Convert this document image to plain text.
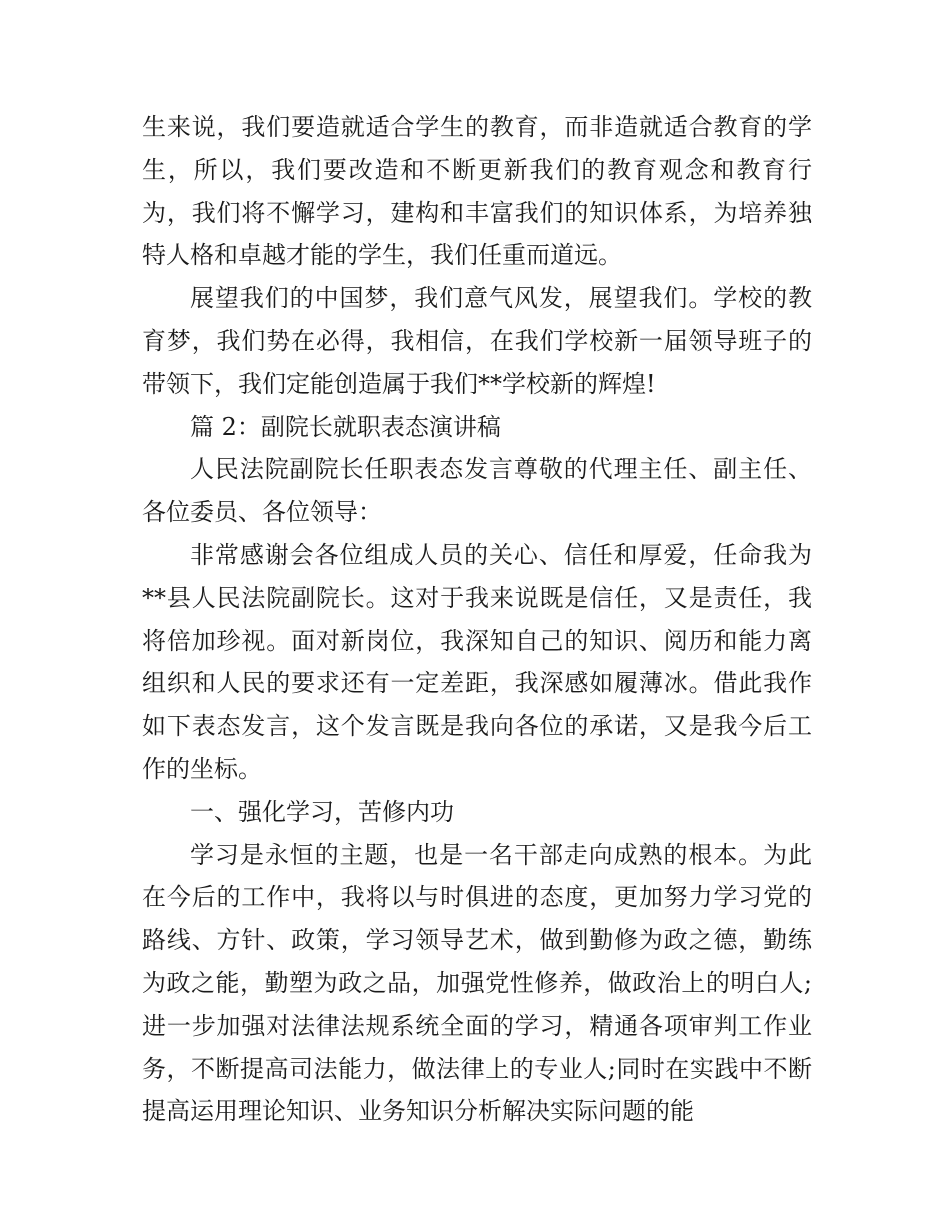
生来说，我们要造就适合学生的教育，而非造就适合教育的学生，所以，我们要改造和不断更新我们的教育观念和教育行为，我们将不懈学习，建构和丰富我们的知识体系，为培养独特人格和卓越才能的学生，我们任重而道远。

展望我们的中国梦，我们意气风发，展望我们。学校的教育梦，我们势在必得，我相信，在我们学校新一届领导班子的带领下，我们定能创造属于我们**学校新的辉煌!

篇 2：副院长就职表态演讲稿

人民法院副院长任职表态发言尊敬的代理主任、副主任、各位委员、各位领导：

非常感谢会各位组成人员的关心、信任和厚爱，任命我为**县人民法院副院长。这对于我来说既是信任，又是责任，我将倍加珍视。面对新岗位，我深知自己的知识、阅历和能力离组织和人民的要求还有一定差距，我深感如履薄冰。借此我作如下表态发言，这个发言既是我向各位的承诺，又是我今后工作的坐标。

一、强化学习，苦修内功

学习是永恒的主题，也是一名干部走向成熟的根本。为此在今后的工作中，我将以与时俱进的态度，更加努力学习党的路线、方针、政策，学习领导艺术，做到勤修为政之德，勤练为政之能，勤塑为政之品，加强党性修养，做政治上的明白人;进一步加强对法律法规系统全面的学习，精通各项审判工作业务，不断提高司法能力，做法律上的专业人;同时在实践中不断提高运用理论知识、业务知识分析解决实际问题的能
